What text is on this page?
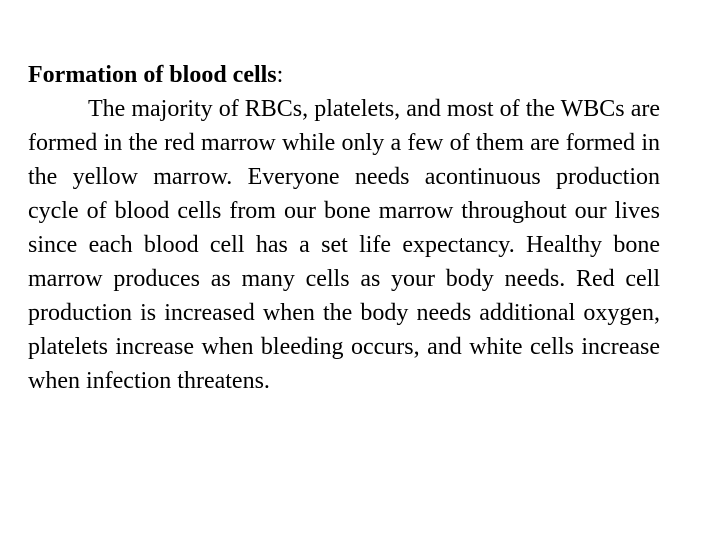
Formation of blood cells:

The majority of RBCs, platelets, and most of the WBCs are formed in the red marrow while only a few of them are formed in the yellow marrow. Everyone needs acontinuous production cycle of blood cells from our bone marrow throughout our lives since each blood cell has a set life expectancy. Healthy bone marrow produces as many cells as your body needs. Red cell production is increased when the body needs additional oxygen, platelets increase when bleeding occurs, and white cells increase when infection threatens.
